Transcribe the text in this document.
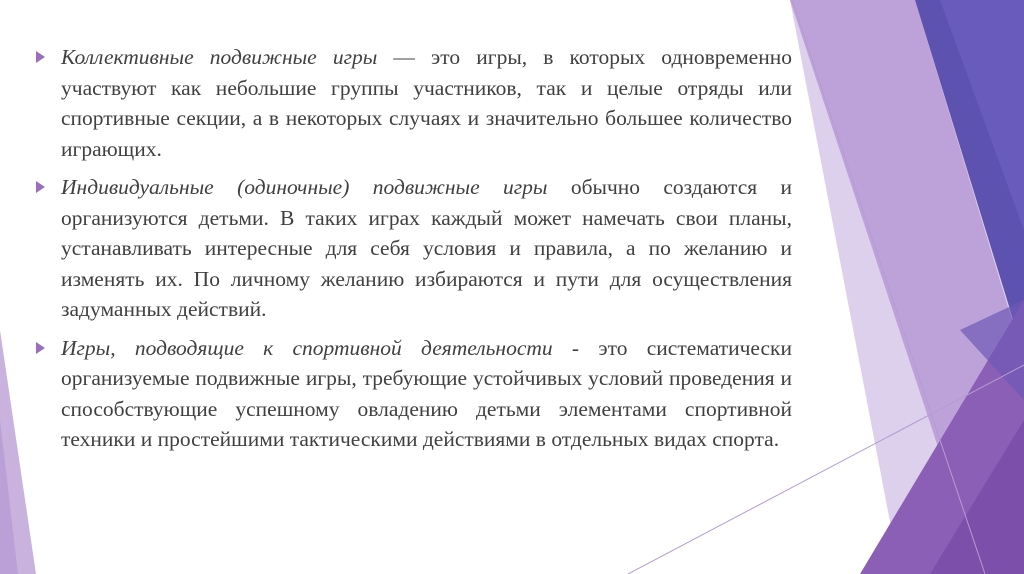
Коллективные подвижные игры — это игры, в которых одновременно участвуют как небольшие группы участников, так и целые отряды или спортивные секции, а в некоторых случаях и значительно большее количество играющих.
Индивидуальные (одиночные) подвижные игры обычно создаются и организуются детьми. В таких играх каждый может намечать свои планы, устанавливать интересные для себя условия и правила, а по желанию и изменять их. По личному желанию избираются и пути для осуществления задуманных действий.
Игры, подводящие к спортивной деятельности - это систематически организуемые подвижные игры, требующие устойчивых условий проведения и способствующие успешному овладению детьми элементами спортивной техники и простейшими тактическими действиями в отдельных видах спорта.
